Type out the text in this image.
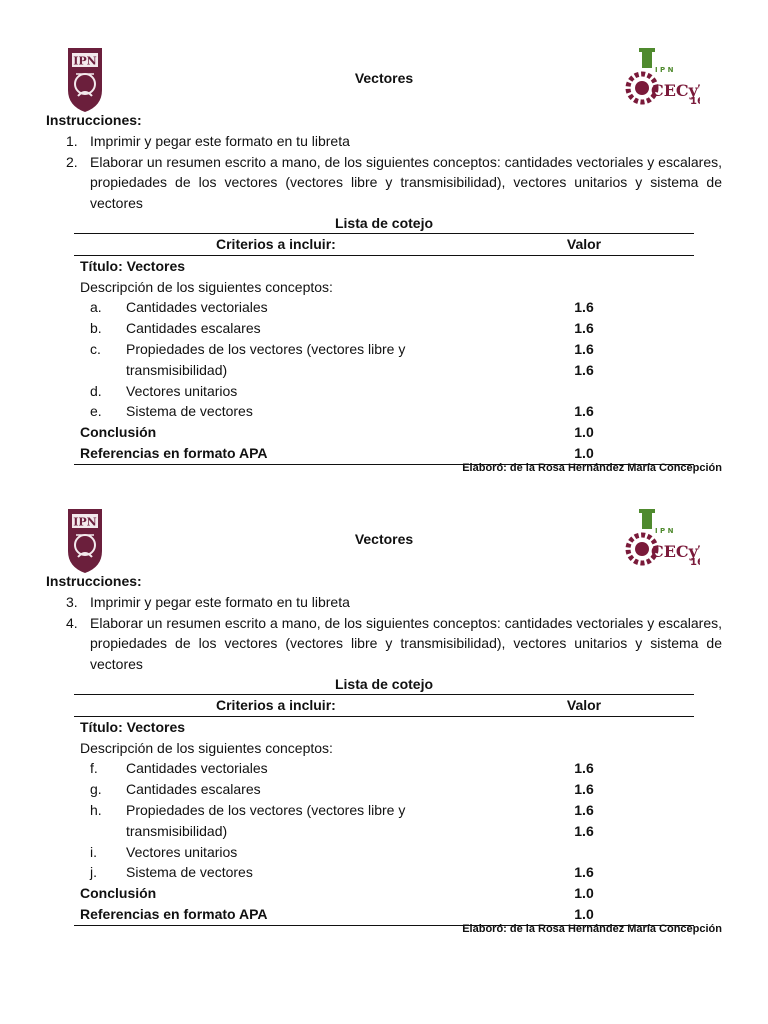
IPN
I P N
CECy
1
Vectores
Instrucciones:
1. Imprimir y pegar este formato en tu libreta
2. Elaborar un resumen escrito a mano, de los siguientes conceptos: cantidades vectoriales y escalares, propiedades de los vectores (vectores libre y transmisibilidad), vectores unitarios y sistema de vectores
Lista de cotejo
Criterios a incluir:	Valor
Título: Vectores
Descripción de los siguientes conceptos:
a. Cantidades vectoriales	1.6
b. Cantidades escalares	1.6
c. Propiedades de los vectores (vectores libre y	1.6
transmisibilidad)	1.6
d. Vectores unitarios
e. Sistema de vectores	1.6
Conclusión	1.0
Referencias en formato APA	1.0
Elaboró: de la Rosa Hernández María Concepción
IPN
I P N
CECy
1
Vectores
Instrucciones:
3. Imprimir y pegar este formato en tu libreta
4. Elaborar un resumen escrito a mano, de los siguientes conceptos: cantidades vectoriales y escalares, propiedades de los vectores (vectores libre y transmisibilidad), vectores unitarios y sistema de vectores
Lista de cotejo
Criterios a incluir:	Valor
Título: Vectores
Descripción de los siguientes conceptos:
f. Cantidades vectoriales	1.6
g. Cantidades escalares	1.6
h. Propiedades de los vectores (vectores libre y	1.6
transmisibilidad)	1.6
i. Vectores unitarios
j. Sistema de vectores	1.6
Conclusión	1.0
Referencias en formato APA	1.0
Elaboró: de la Rosa Hernández María Concepción
